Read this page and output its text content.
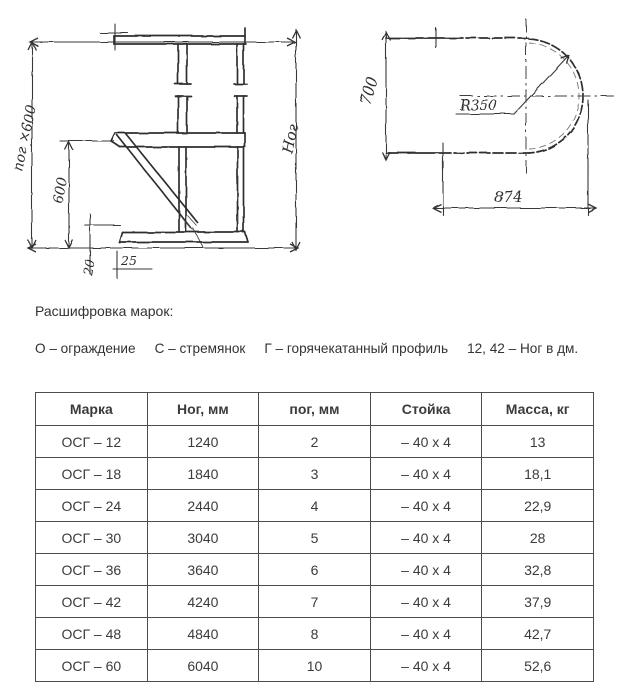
пог ×600
600
Ног
20 25
700	R350
874
Расшифровка марок:
О – ограждение С – стремянок Г – горячекатанный профиль 12, 42 – Ног в дм.
Марка	Ног, мм	пог, мм	Стойка	Масса, кг
ОСГ – 12	1240	2	– 40 x 4	13
ОСГ – 18	1840	3	– 40 x 4	18,1
ОСГ – 24	2440	4	– 40 x 4	22,9
ОСГ – 30	3040	5	– 40 x 4	28
ОСГ – 36	3640	6	– 40 x 4	32,8
ОСГ – 42	4240	7	– 40 x 4	37,9
ОСГ – 48	4840	8	– 40 x 4	42,7
ОСГ – 60	6040	10	– 40 x 4	52,6
